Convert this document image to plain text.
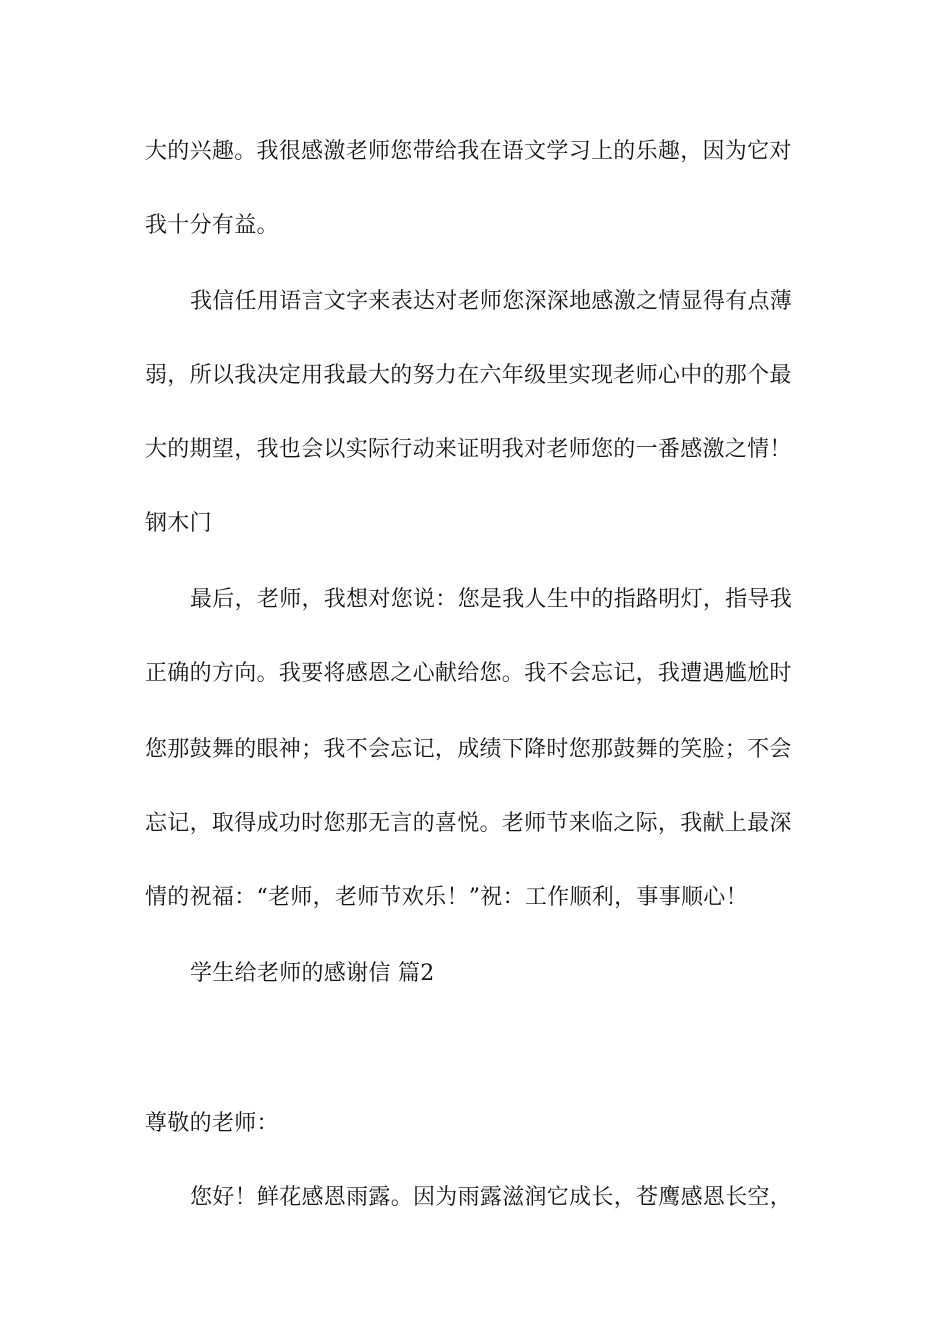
大的兴趣。我很感激老师您带给我在语文学习上的乐趣，因为它对
我十分有益。
我信任用语言文字来表达对老师您深深地感激之情显得有点薄
弱，所以我决定用我最大的努力在六年级里实现老师心中的那个最
大的期望，我也会以实际行动来证明我对老师您的一番感激之情！
钢木门
最后，老师，我想对您说：您是我人生中的指路明灯，指导我
正确的方向。我要将感恩之心献给您。我不会忘记，我遭遇尴尬时
您那鼓舞的眼神；我不会忘记，成绩下降时您那鼓舞的笑脸；不会
忘记，取得成功时您那无言的喜悦。老师节来临之际，我献上最深
情的祝福：“老师，老师节欢乐！”祝：工作顺利，事事顺心！
学生给老师的感谢信 篇2
尊敬的老师：
您好！鲜花感恩雨露。因为雨露滋润它成长，苍鹰感恩长空，
